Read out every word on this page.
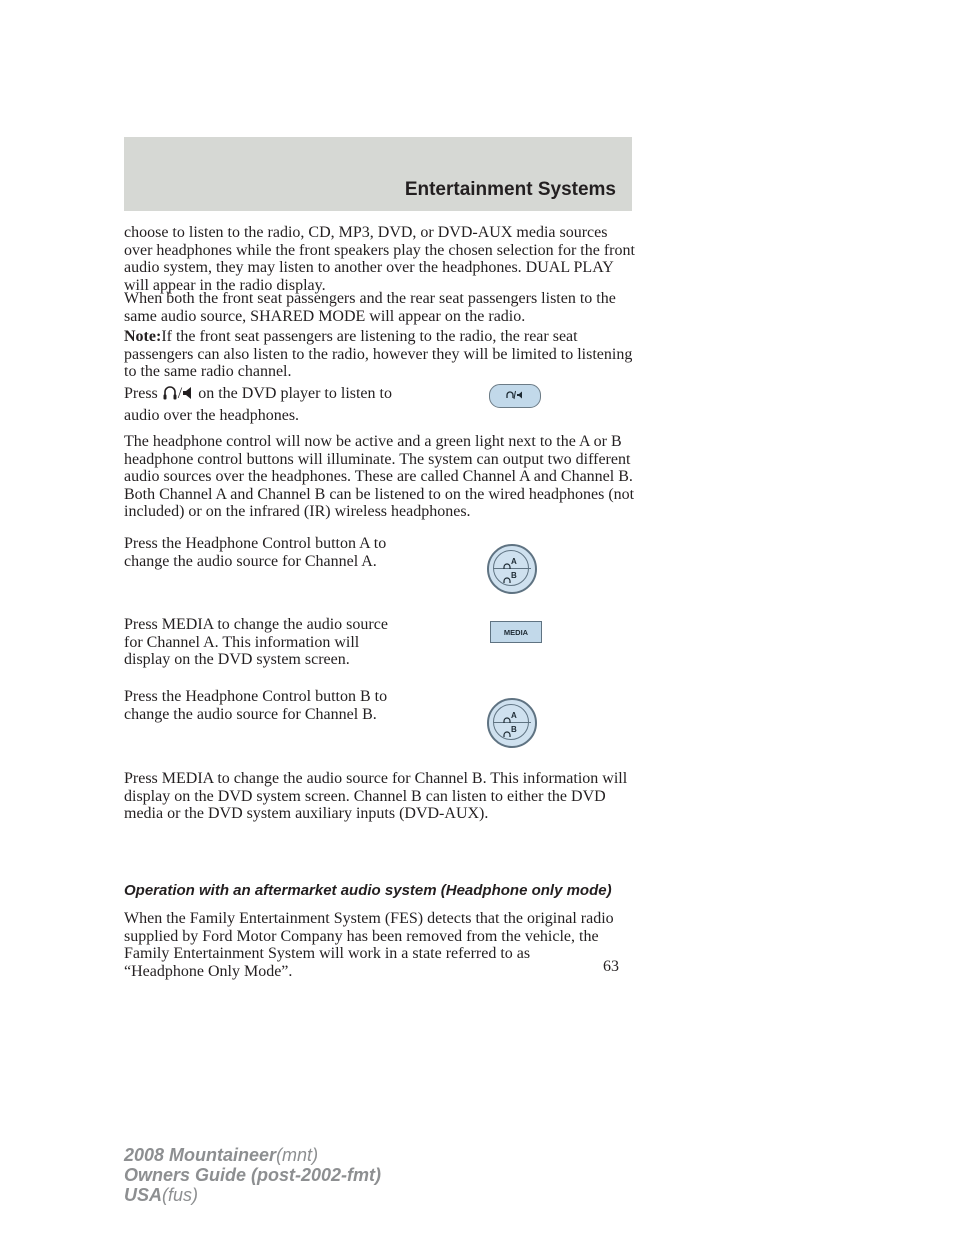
Entertainment Systems

choose to listen to the radio, CD, MP3, DVD, or DVD-AUX media sources over headphones while the front speakers play the chosen selection for the front audio system, they may listen to another over the headphones. DUAL PLAY will appear in the radio display.

When both the front seat passengers and the rear seat passengers listen to the same audio source, SHARED MODE will appear on the radio.

Note:If the front seat passengers are listening to the radio, the rear seat passengers can also listen to the radio, however they will be limited to listening to the same radio channel.

Press / on the DVD player to listen to audio over the headphones.

The headphone control will now be active and a green light next to the A or B headphone control buttons will illuminate. The system can output two different audio sources over the headphones. These are called Channel A and Channel B. Both Channel A and Channel B can be listened to on the wired headphones (not included) or on the infrared (IR) wireless headphones.

Press the Headphone Control button A to change the audio source for Channel A.	A
B

Press MEDIA to change the audio source for Channel A. This information will display on the DVD system screen.

MEDIA

Press the Headphone Control button B to change the audio source for Channel B.	A
B

Press MEDIA to change the audio source for Channel B. This information will display on the DVD system screen. Channel B can listen to either the DVD media or the DVD system auxiliary inputs (DVD-AUX).

Operation with an aftermarket audio system (Headphone only mode)

When the Family Entertainment System (FES) detects that the original radio supplied by Ford Motor Company has been removed from the vehicle, the Family Entertainment System will work in a state referred to as “Headphone Only Mode”.	63
2008 Mountaineer(mnt)
Owners Guide (post-2002-fmt)
USA(fus)
